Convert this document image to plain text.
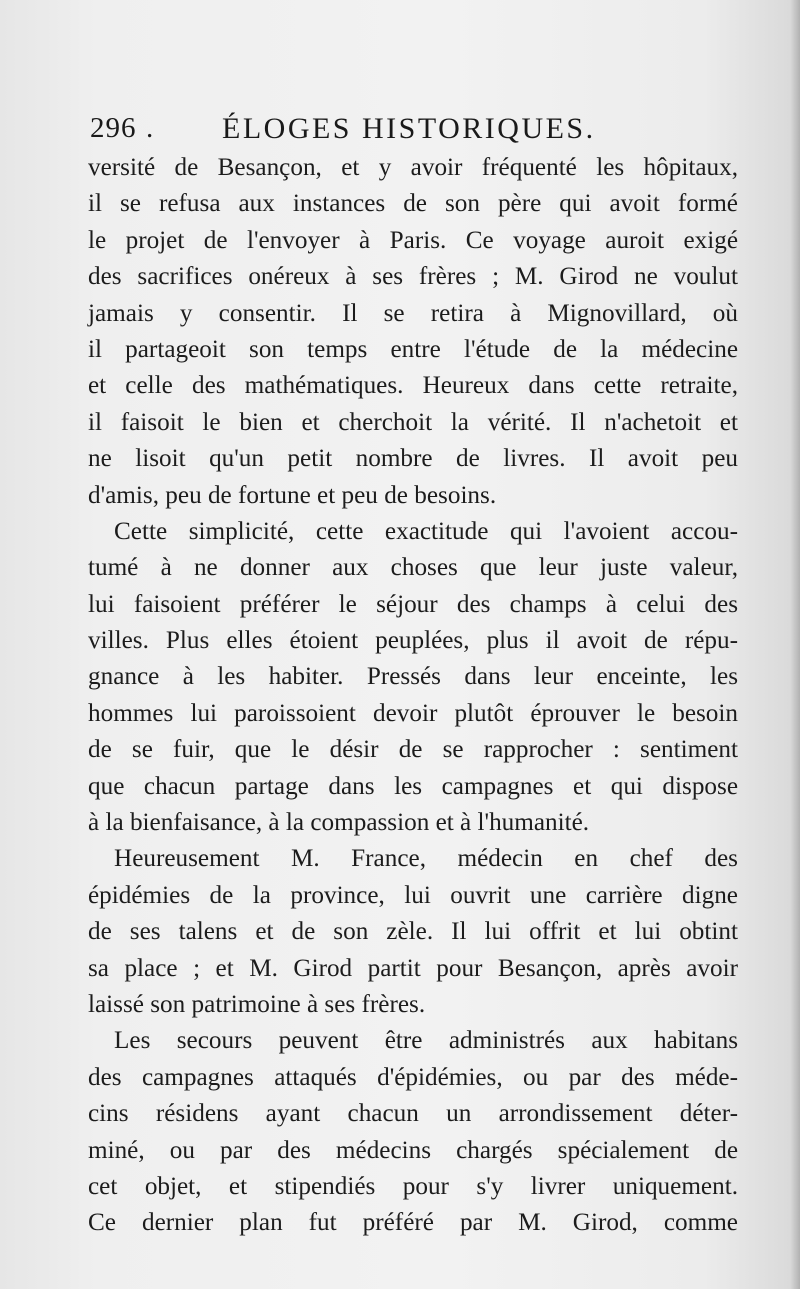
296 . ÉLOGES HISTORIQUES.
versité de Besançon, et y avoir fréquenté les hôpitaux,
il se refusa aux instances de son père qui avoit formé
le projet de l'envoyer à Paris. Ce voyage auroit exigé
des sacrifices onéreux à ses frères ; M. Girod ne voulut
jamais y consentir. Il se retira à Mignovillard, où
il partageoit son temps entre l'étude de la médecine
et celle des mathématiques. Heureux dans cette retraite,
il faisoit le bien et cherchoit la vérité. Il n'achetoit et
ne lisoit qu'un petit nombre de livres. Il avoit peu
d'amis, peu de fortune et peu de besoins.
Cette simplicité, cette exactitude qui l'avoient accou-
tumé à ne donner aux choses que leur juste valeur,
lui faisoient préférer le séjour des champs à celui des
villes. Plus elles étoient peuplées, plus il avoit de répu-
gnance à les habiter. Pressés dans leur enceinte, les
hommes lui paroissoient devoir plutôt éprouver le besoin
de se fuir, que le désir de se rapprocher : sentiment
que chacun partage dans les campagnes et qui dispose
à la bienfaisance, à la compassion et à l'humanité.
Heureusement M. France, médecin en chef des
épidémies de la province, lui ouvrit une carrière digne
de ses talens et de son zèle. Il lui offrit et lui obtint
sa place ; et M. Girod partit pour Besançon, après avoir
laissé son patrimoine à ses frères.
Les secours peuvent être administrés aux habitans
des campagnes attaqués d'épidémies, ou par des méde-
cins résidens ayant chacun un arrondissement déter-
miné, ou par des médecins chargés spécialement de
cet objet, et stipendiés pour s'y livrer uniquement.
Ce dernier plan fut préféré par M. Girod, comme
